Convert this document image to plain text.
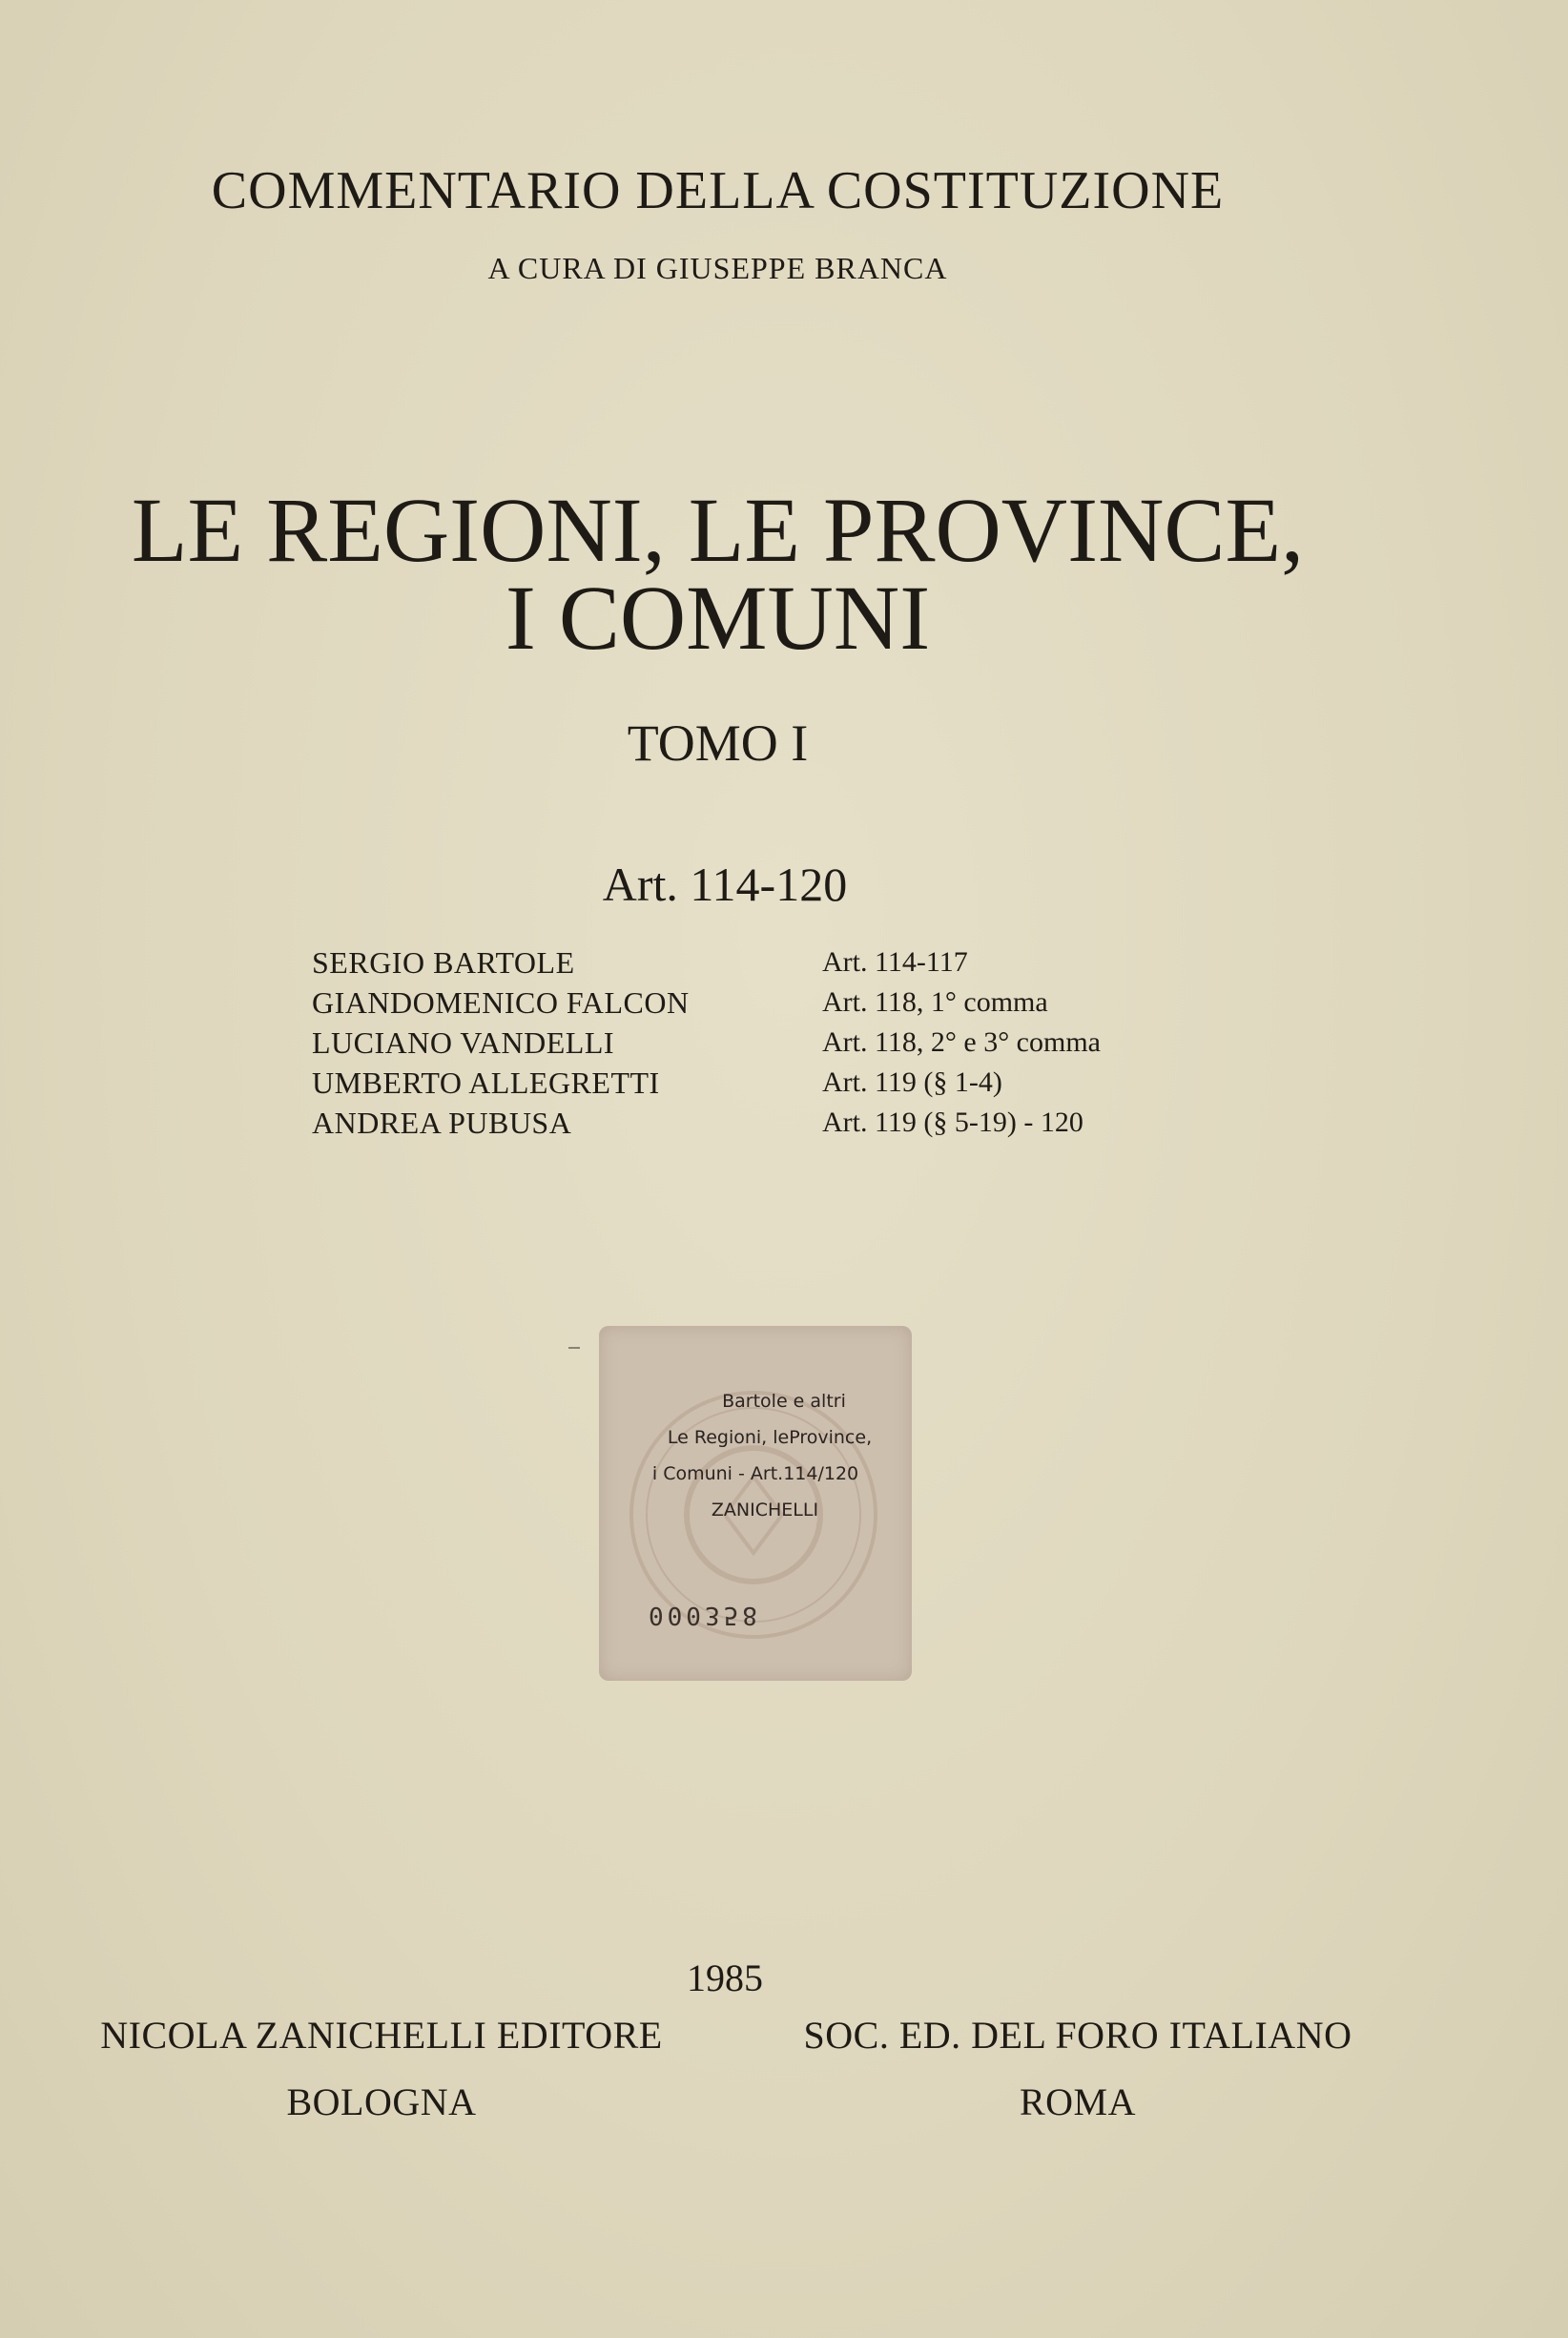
COMMENTARIO DELLA COSTITUZIONE
A CURA DI GIUSEPPE BRANCA
LE REGIONI, LE PROVINCE,
I COMUNI
TOMO I
Art. 114-120
SERGIO BARTOLE	Art. 114-117
GIANDOMENICO FALCON	Art. 118, 1° comma
LUCIANO VANDELLI	Art. 118, 2° e 3° comma
UMBERTO ALLEGRETTI	Art. 119 (§ 1-4)
ANDREA PUBUSA	Art. 119 (§ 5-19) - 120
Bartole e altri
Le Regioni, leProvince,
i Comuni - Art.114/120
ZANICHELLI
000358
1985
NICOLA ZANICHELLI EDITORE	SOC. ED. DEL FORO ITALIANO
BOLOGNA	ROMA
